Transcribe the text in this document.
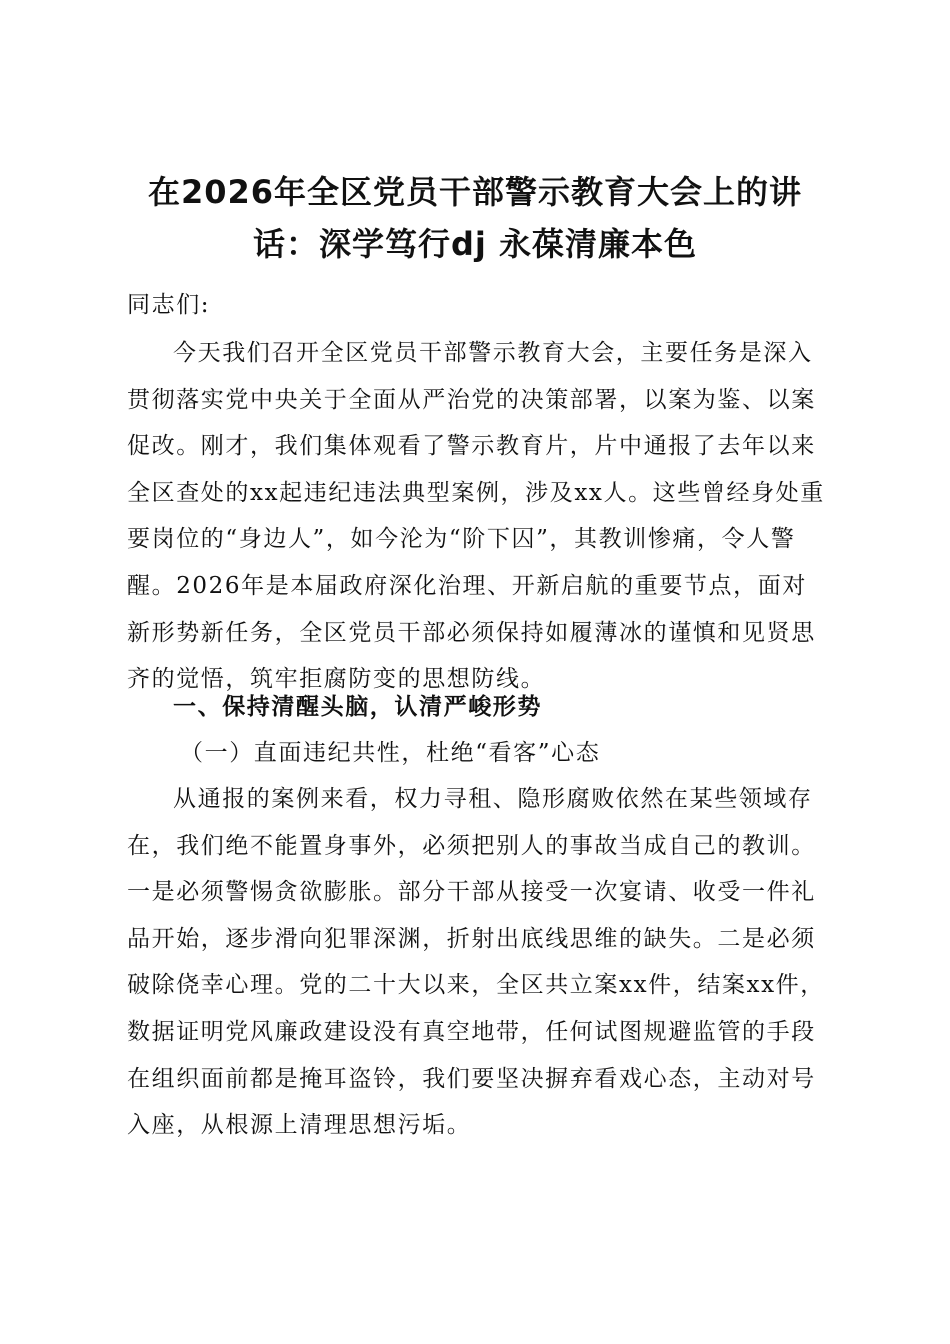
在2026年全区党员干部警示教育大会上的讲话：深学笃行dj 永葆清廉本色

同志们:

今天我们召开全区党员干部警示教育大会，主要任务是深入贯彻落实党中央关于全面从严治党的决策部署，以案为鉴、以案促改。刚才，我们集体观看了警示教育片，片中通报了去年以来全区查处的xx起违纪违法典型案例，涉及xx人。这些曾经身处重要岗位的“身边人”，如今沦为“阶下囚”，其教训惨痛，令人警醒。2026年是本届政府深化治理、开新启航的重要节点，面对新形势新任务，全区党员干部必须保持如履薄冰的谨慎和见贤思齐的觉悟，筑牢拒腐防变的思想防线。

一、保持清醒头脑，认清严峻形势

（一）直面违纪共性，杜绝“看客”心态

从通报的案例来看，权力寻租、隐形腐败依然在某些领域存在，我们绝不能置身事外，必须把别人的事故当成自己的教训。一是必须警惕贪欲膨胀。部分干部从接受一次宴请、收受一件礼品开始，逐步滑向犯罪深渊，折射出底线思维的缺失。二是必须破除侥幸心理。党的二十大以来，全区共立案xx件，结案xx件，数据证明党风廉政建设没有真空地带，任何试图规避监管的手段在组织面前都是掩耳盗铃，我们要坚决摒弃看戏心态，主动对号入座，从根源上清理思想污垢。
